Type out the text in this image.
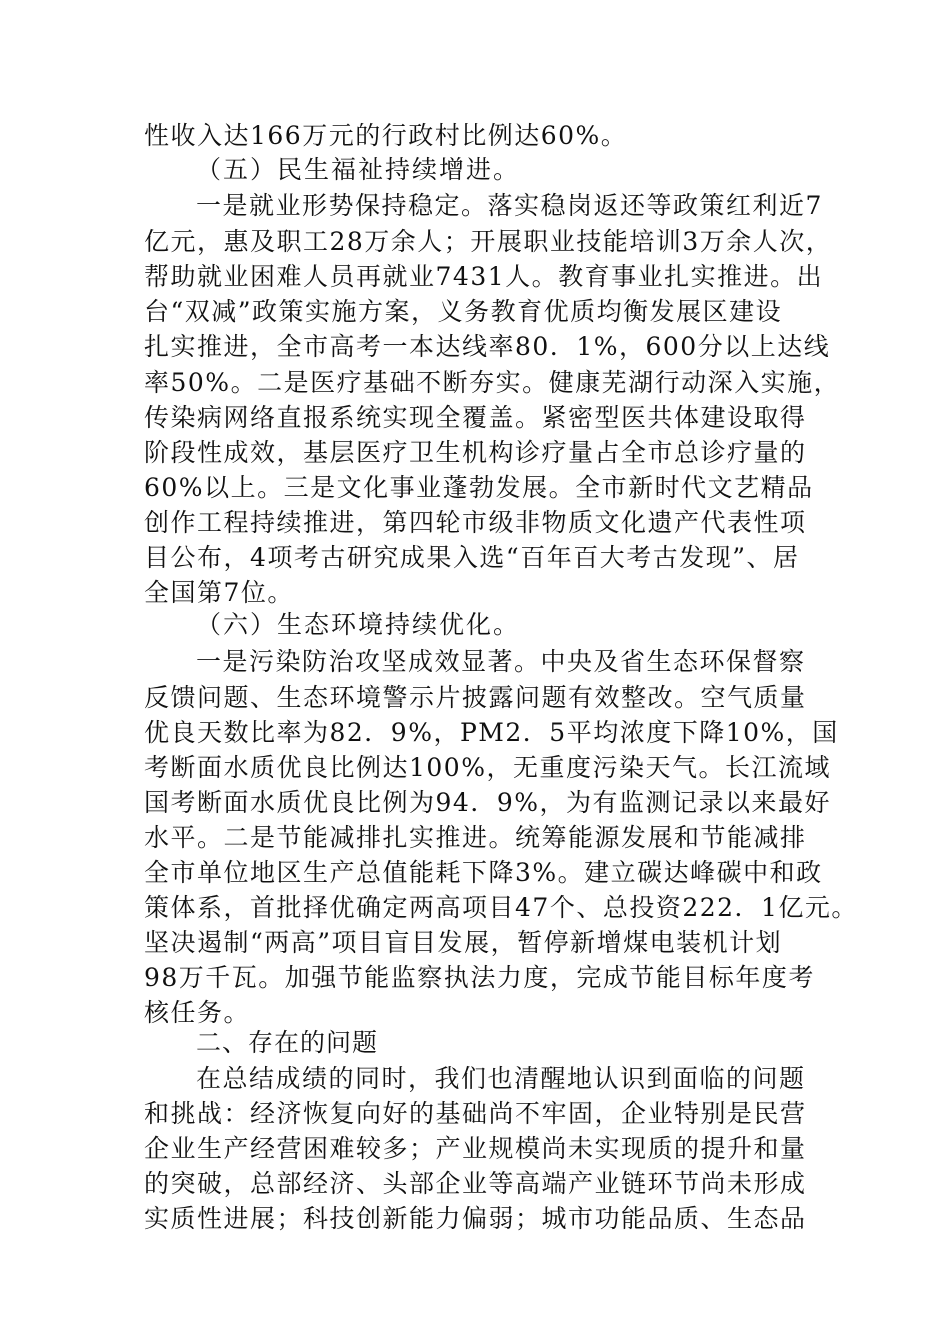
性收入达166万元的行政村比例达60%。
（五）民生福祉持续增进。
一是就业形势保持稳定。落实稳岗返还等政策红利近7
亿元，惠及职工28万余人；开展职业技能培训3万余人次，
帮助就业困难人员再就业7431人。教育事业扎实推进。出
台“双减”政策实施方案，义务教育优质均衡发展区建设
扎实推进，全市高考一本达线率80．1%，600分以上达线
率50%。二是医疗基础不断夯实。健康芜湖行动深入实施，
传染病网络直报系统实现全覆盖。紧密型医共体建设取得
阶段性成效，基层医疗卫生机构诊疗量占全市总诊疗量的
60%以上。三是文化事业蓬勃发展。全市新时代文艺精品
创作工程持续推进，第四轮市级非物质文化遗产代表性项
目公布，4项考古研究成果入选“百年百大考古发现”、居
全国第7位。
（六）生态环境持续优化。
一是污染防治攻坚成效显著。中央及省生态环保督察
反馈问题、生态环境警示片披露问题有效整改。空气质量
优良天数比率为82．9%，PM2．5平均浓度下降10%，国
考断面水质优良比例达100%，无重度污染天气。长江流域
国考断面水质优良比例为94．9%，为有监测记录以来最好
水平。二是节能减排扎实推进。统筹能源发展和节能减排
全市单位地区生产总值能耗下降3%。建立碳达峰碳中和政
策体系，首批择优确定两高项目47个、总投资222．1亿元。
坚决遏制“两高”项目盲目发展，暂停新增煤电装机计划
98万千瓦。加强节能监察执法力度，完成节能目标年度考
核任务。
二、存在的问题
在总结成绩的同时，我们也清醒地认识到面临的问题
和挑战：经济恢复向好的基础尚不牢固，企业特别是民营
企业生产经营困难较多；产业规模尚未实现质的提升和量
的突破，总部经济、头部企业等高端产业链环节尚未形成
实质性进展；科技创新能力偏弱；城市功能品质、生态品
